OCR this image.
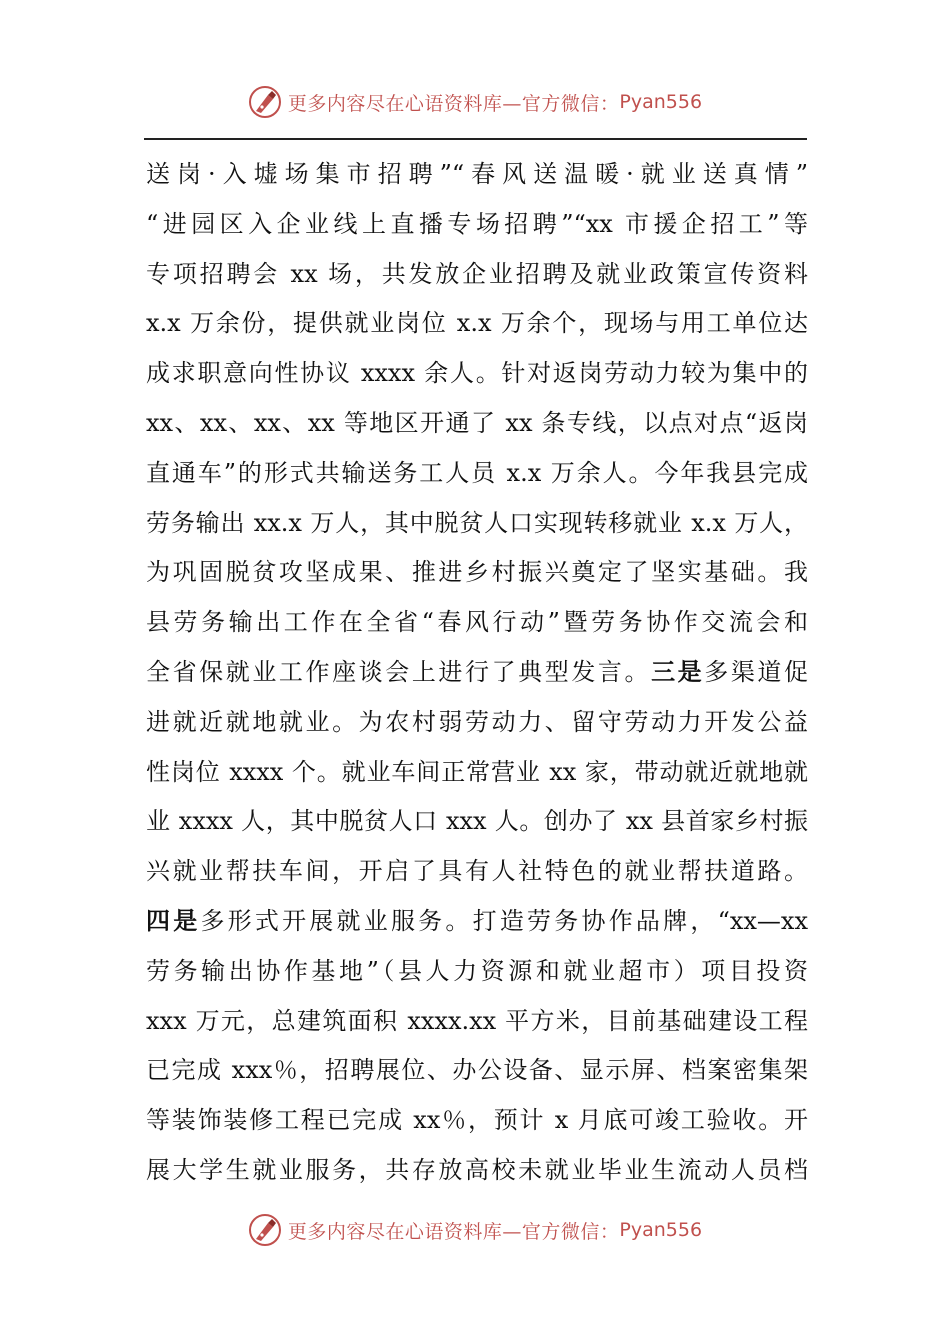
更多内容尽在心语资料库—官方微信： Pyan556
送岗·入墟场集市招聘”“春风送温暖·就业送真情”
“进园区入企业线上直播专场招聘”“xx 市援企招工”等
专项招聘会 xx 场，共发放企业招聘及就业政策宣传资料
x.x 万余份，提供就业岗位 x.x 万余个，现场与用工单位达
成求职意向性协议 xxxx 余人。针对返岗劳动力较为集中的
xx、xx、xx、xx 等地区开通了 xx 条专线，以点对点“返岗
直通车”的形式共输送务工人员 x.x 万余人。今年我县完成
劳务输出 xx.x 万人，其中脱贫人口实现转移就业 x.x 万人，
为巩固脱贫攻坚成果、推进乡村振兴奠定了坚实基础。我
县劳务输出工作在全省“春风行动”暨劳务协作交流会和
全省保就业工作座谈会上进行了典型发言。三是多渠道促
进就近就地就业。为农村弱劳动力、留守劳动力开发公益
性岗位 xxxx 个。就业车间正常营业 xx 家，带动就近就地就
业 xxxx 人，其中脱贫人口 xxx 人。创办了 xx 县首家乡村振
兴就业帮扶车间，开启了具有人社特色的就业帮扶道路。
四是多形式开展就业服务。打造劳务协作品牌，“xx—xx
劳务输出协作基地”（县人力资源和就业超市）项目投资
xxx 万元，总建筑面积 xxxx.xx 平方米，目前基础建设工程
已完成 xxx％，招聘展位、办公设备、显示屏、档案密集架
等装饰装修工程已完成 xx％，预计 x 月底可竣工验收。开
展大学生就业服务，共存放高校未就业毕业生流动人员档
更多内容尽在心语资料库—官方微信： Pyan556
